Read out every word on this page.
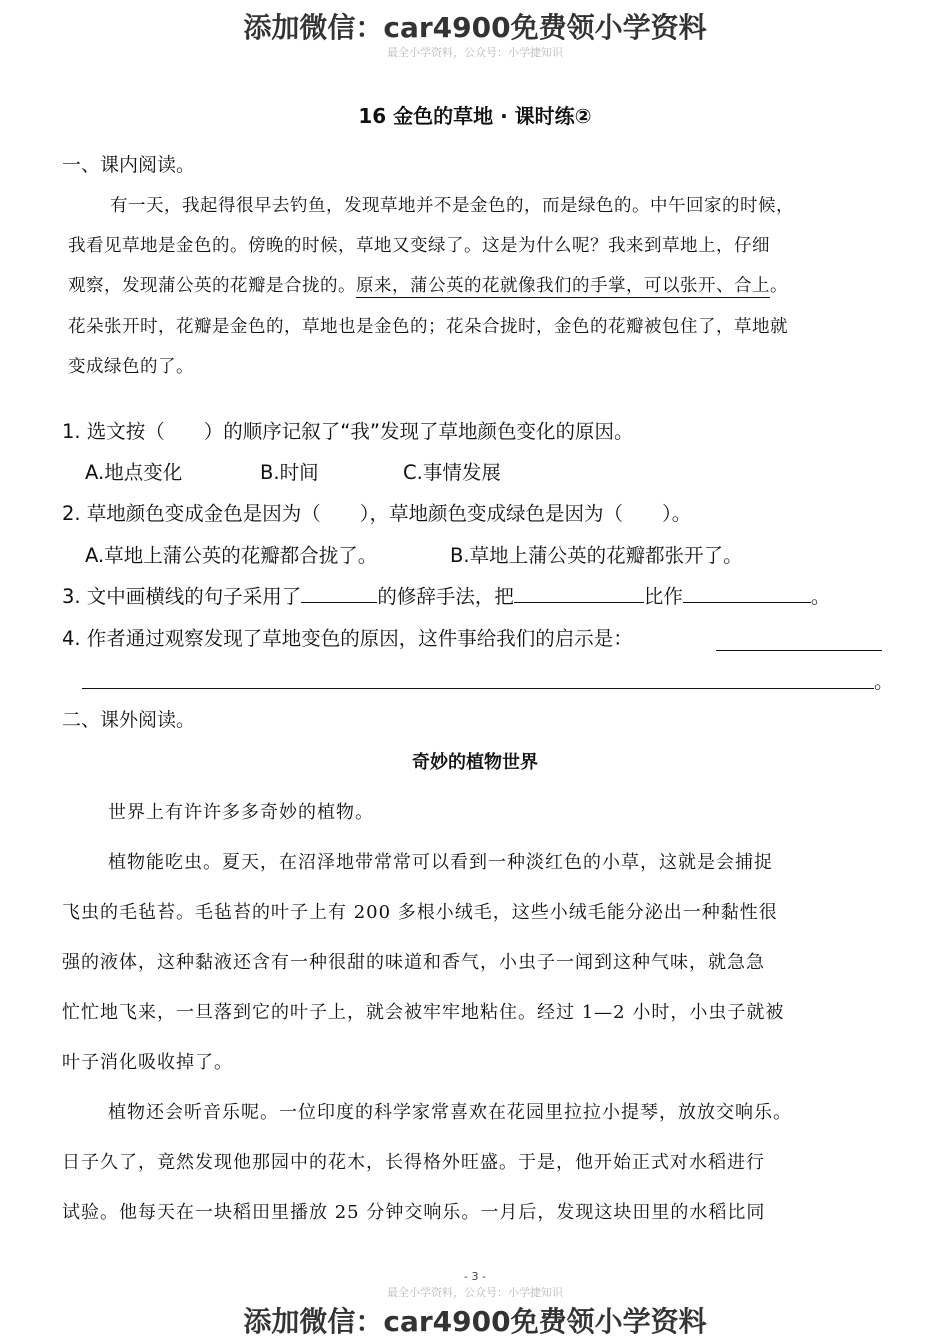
添加微信：car4900免费领小学资料
最全小学资料，公众号：小学捷知识
16 金色的草地 · 课时练②
一、课内阅读。
有一天，我起得很早去钓鱼，发现草地并不是金色的，而是绿色的。中午回家的时候，
我看见草地是金色的。傍晚的时候，草地又变绿了。这是为什么呢？我来到草地上，仔细
观察，发现蒲公英的花瓣是合拢的。原来，蒲公英的花就像我们的手掌，可以张开、合上。
花朵张开时，花瓣是金色的，草地也是金色的；花朵合拢时，金色的花瓣被包住了，草地就
变成绿色的了。
1. 选文按（　　）的顺序记叙了“我”发现了草地颜色变化的原因。
A.地点变化	B.时间	C.事情发展
2. 草地颜色变成金色是因为（　　），草地颜色变成绿色是因为（　　）。
A.草地上蒲公英的花瓣都合拢了。	B.草地上蒲公英的花瓣都张开了。
3. 文中画横线的句子采用了	的修辞手法，把	比作	。
4. 作者通过观察发现了草地变色的原因，这件事给我们的启示是：
。
二、课外阅读。
奇妙的植物世界
世界上有许许多多奇妙的植物。
植物能吃虫。夏天，在沼泽地带常常可以看到一种淡红色的小草，这就是会捕捉
飞虫的毛毡苔。毛毡苔的叶子上有 200 多根小绒毛，这些小绒毛能分泌出一种黏性很
强的液体，这种黏液还含有一种很甜的味道和香气，小虫子一闻到这种气味，就急急
忙忙地飞来，一旦落到它的叶子上，就会被牢牢地粘住。经过 1—2 小时，小虫子就被
叶子消化吸收掉了。
植物还会听音乐呢。一位印度的科学家常喜欢在花园里拉拉小提琴，放放交响乐。
日子久了，竟然发现他那园中的花木，长得格外旺盛。于是，他开始正式对水稻进行
试验。他每天在一块稻田里播放 25 分钟交响乐。一月后，发现这块田里的水稻比同
- 3 -
最全小学资料，公众号：小学捷知识
添加微信：car4900免费领小学资料
